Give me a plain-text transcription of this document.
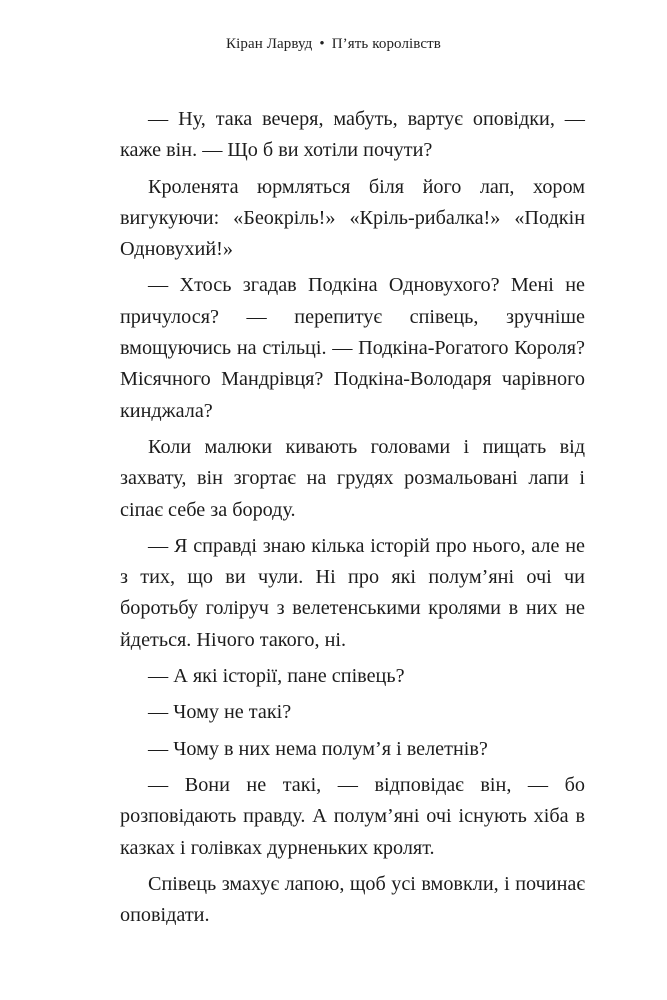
Кіран Ларвуд • П’ять королівств

— Ну, така вечеря, мабуть, вартує оповідки, — каже він. — Що б ви хотіли почути?

Кроленята юрмляться біля його лап, хором вигукуючи: «Беокріль!» «Кріль-рибалка!» «Подкін Одновухий!»

— Хтось згадав Подкіна Одновухого? Мені не причулося? — перепитує співець, зручніше вмощуючись на стільці. — Подкіна-Рогатого Короля? Місячного Мандрівця? Подкіна-Володаря чарівного кинджала?

Коли малюки кивають головами і пищать від захвату, він згортає на грудях розмальовані лапи і сіпає себе за бороду.

— Я справді знаю кілька історій про нього, але не з тих, що ви чули. Ні про які полум’яні очі чи боротьбу голіруч з велетенськими кролями в них не йдеться. Нічого такого, ні.

— А які історії, пане співець?

— Чому не такі?

— Чому в них нема полум’я і велетнів?

— Вони не такі, — відповідає він, — бо розповідають правду. А полум’яні очі існують хіба в казках і голівках дурненьких кролят.

Співець змахує лапою, щоб усі вмовкли, і починає оповідати.
